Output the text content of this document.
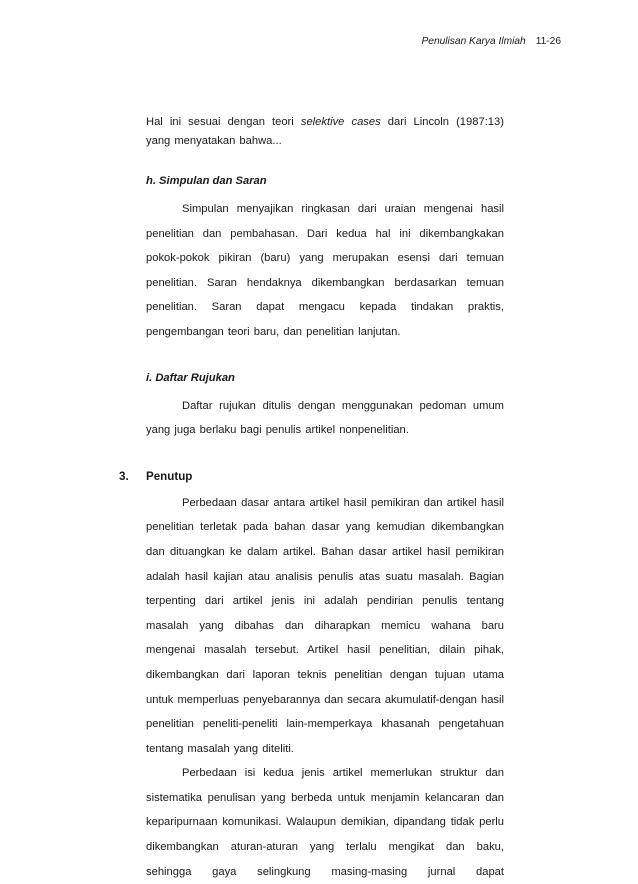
Penulisan Karya Ilmiah 11-26

Hal ini sesuai dengan teori selektive cases dari Lincoln (1987:13) yang menyatakan bahwa...

h. Simpulan dan Saran

Simpulan menyajikan ringkasan dari uraian mengenai hasil penelitian dan pembahasan. Dari kedua hal ini dikembangkakan pokok-pokok pikiran (baru) yang merupakan esensi dari temuan penelitian. Saran hendaknya dikembangkan berdasarkan temuan penelitian. Saran dapat mengacu kepada tindakan praktis, pengembangan teori baru, dan penelitian lanjutan.

i. Daftar Rujukan

Daftar rujukan ditulis dengan menggunakan pedoman umum yang juga berlaku bagi penulis artikel nonpenelitian.

3. Penutup

Perbedaan dasar antara artikel hasil pemikiran dan artikel hasil penelitian terletak pada bahan dasar yang kemudian dikembangkan dan dituangkan ke dalam artikel. Bahan dasar artikel hasil pemikiran adalah hasil kajian atau analisis penulis atas suatu masalah. Bagian terpenting dari artikel jenis ini adalah pendirian penulis tentang masalah yang dibahas dan diharapkan memicu wahana baru mengenai masalah tersebut. Artikel hasil penelitian, dilain pihak, dikembangkan dari laporan teknis penelitian dengan tujuan utama untuk memperluas penyebarannya dan secara akumulatif-dengan hasil penelitian peneliti-peneliti lain-memperkaya khasanah pengetahuan tentang masalah yang diteliti.

Perbedaan isi kedua jenis artikel memerlukan struktur dan sistematika penulisan yang berbeda untuk menjamin kelancaran dan keparipurnaan komunikasi. Walaupun demikian, dipandang tidak perlu dikembangkan aturan-aturan yang terlalu mengikat dan baku, sehingga gaya selingkung masing-masing jurnal dapat
